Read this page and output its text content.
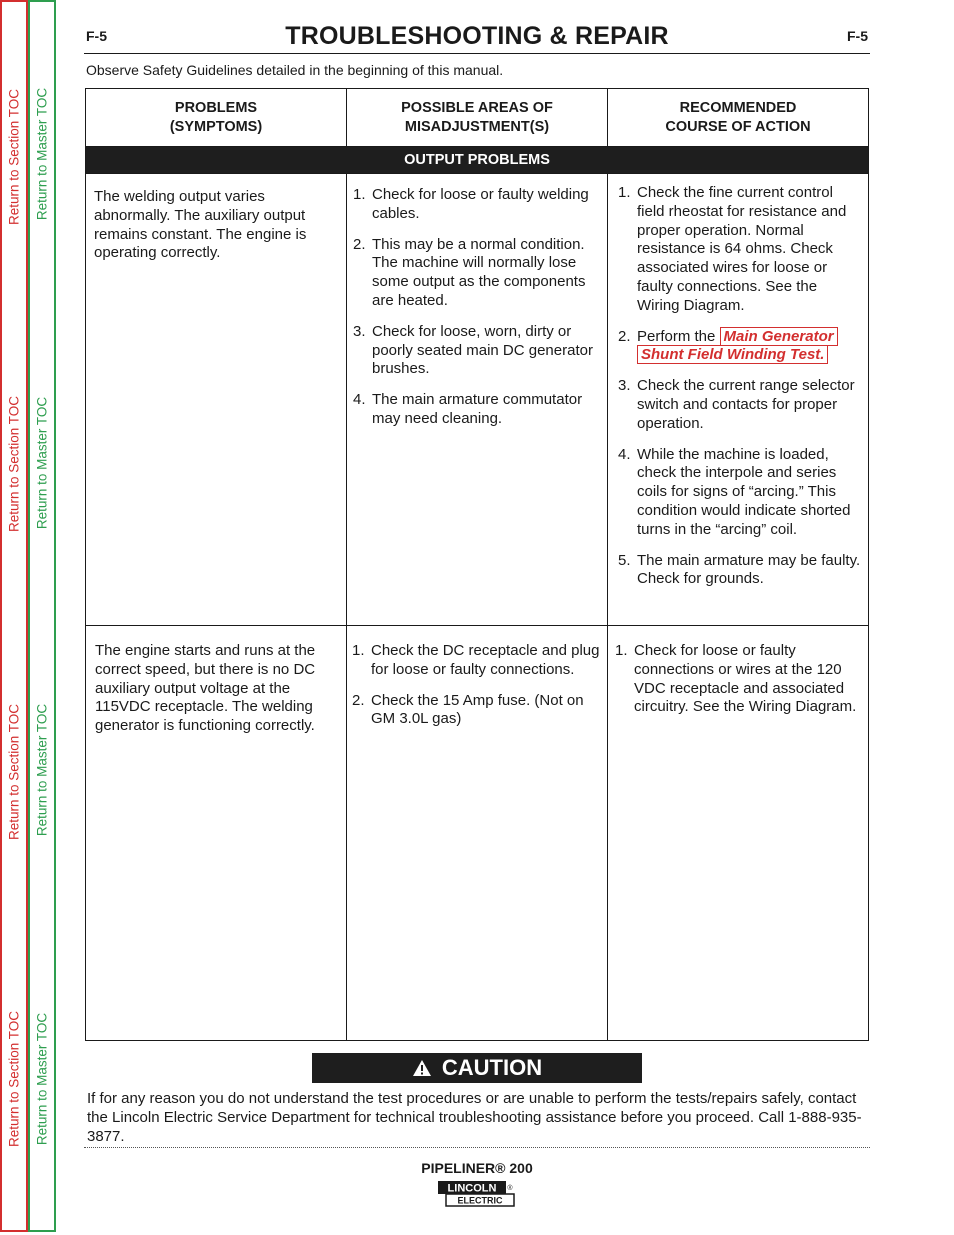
Return to Section TOC
Return to Section TOC
Return to Section TOC
Return to Section TOC
Return to Master TOC
Return to Master TOC
Return to Master TOC
Return to Master TOC
F-5	F-5
TROUBLESHOOTING & REPAIR
Observe Safety Guidelines detailed in the beginning of this manual.
PROBLEMS
(SYMPTOMS)
POSSIBLE AREAS OF
MISADJUSTMENT(S)
RECOMMENDED
COURSE OF ACTION
OUTPUT PROBLEMS

The welding output varies abnormally. The auxiliary output remains constant. The engine is operating correctly.

1. Check for loose or faulty welding cables.
2. This may be a normal condition. The machine will normally lose some output as the components are heated.
3. Check for loose, worn, dirty or poorly seated main DC generator brushes.
4. The main armature commutator may need cleaning.
1. Check the fine current control field rheostat for resistance and proper operation. Normal resistance is 64 ohms. Check associated wires for loose or faulty connections. See the Wiring Diagram.
2. Perform the Main Generator
Shunt Field Winding Test.
3. Check the current range selector switch and contacts for proper operation.
4. While the machine is loaded, check the interpole and series coils for signs of “arcing.” This condition would indicate shorted turns in the “arcing” coil.
5. The main armature may be faulty. Check for grounds.

The engine starts and runs at the correct speed, but there is no DC auxiliary output voltage at the 115VDC receptacle. The welding generator is functioning correctly.

1. Check the DC receptacle and plug for loose or faulty connections.
2. Check the 15 Amp fuse. (Not on GM 3.0L gas)
1. Check for loose or faulty connections or wires at the 120 VDC receptacle and associated circuitry. See the Wiring Diagram.
CAUTION
If for any reason you do not understand the test procedures or are unable to perform the tests/repairs safely, contact the Lincoln Electric Service Department for technical troubleshooting assistance before you proceed. Call 1-888-935-3877.
PIPELINER® 200
LINCOLN
ELECTRIC
®
